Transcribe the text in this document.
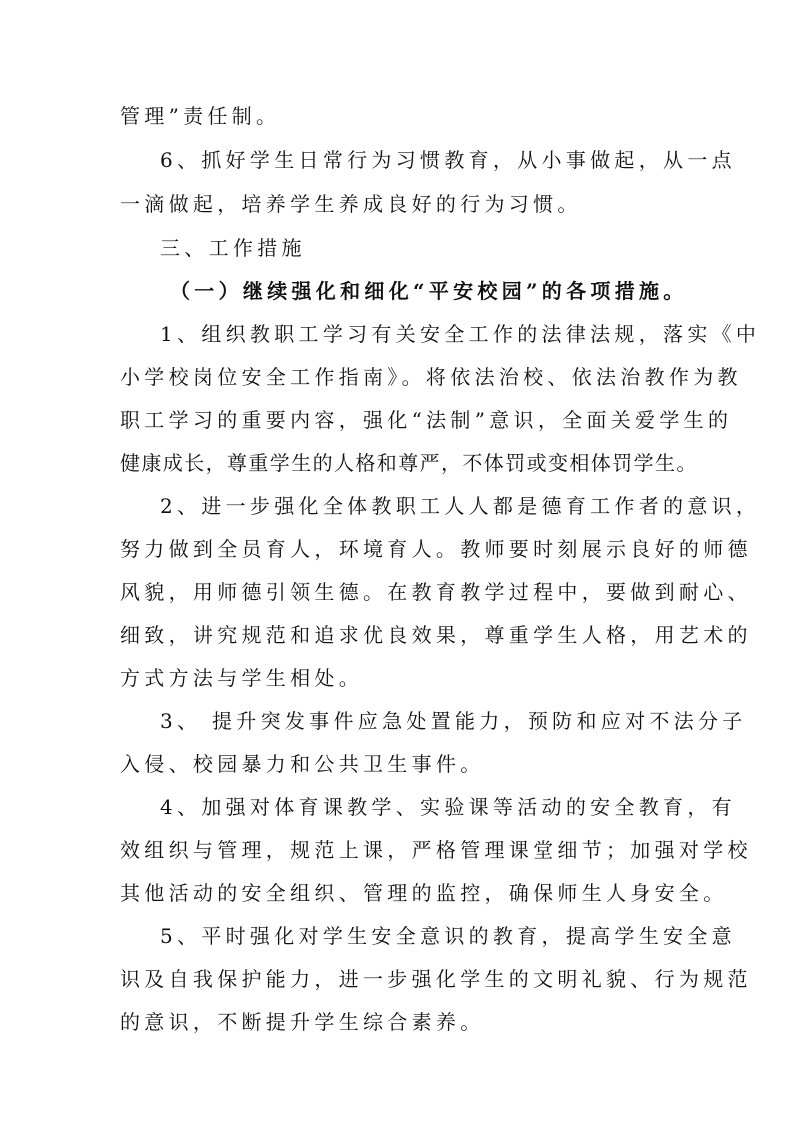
管理”责任制。
6、抓好学生日常行为习惯教育，从小事做起，从一点
一滴做起，培养学生养成良好的行为习惯。
三、工作措施
（一）继续强化和细化“平安校园”的各项措施。
1、组织教职工学习有关安全工作的法律法规，落实《中
小学校岗位安全工作指南》。将依法治校、依法治教作为教
职工学习的重要内容，强化“法制”意识，全面关爱学生的
健康成长，尊重学生的人格和尊严，不体罚或变相体罚学生。
2、进一步强化全体教职工人人都是德育工作者的意识，
努力做到全员育人，环境育人。教师要时刻展示良好的师德
风貌，用师德引领生德。在教育教学过程中，要做到耐心、
细致，讲究规范和追求优良效果，尊重学生人格，用艺术的
方式方法与学生相处。
3、 提升突发事件应急处置能力，预防和应对不法分子
入侵、校园暴力和公共卫生事件。
4、加强对体育课教学、实验课等活动的安全教育，有
效组织与管理，规范上课，严格管理课堂细节；加强对学校
其他活动的安全组织、管理的监控，确保师生人身安全。
5、平时强化对学生安全意识的教育，提高学生安全意
识及自我保护能力，进一步强化学生的文明礼貌、行为规范
的意识，不断提升学生综合素养。
